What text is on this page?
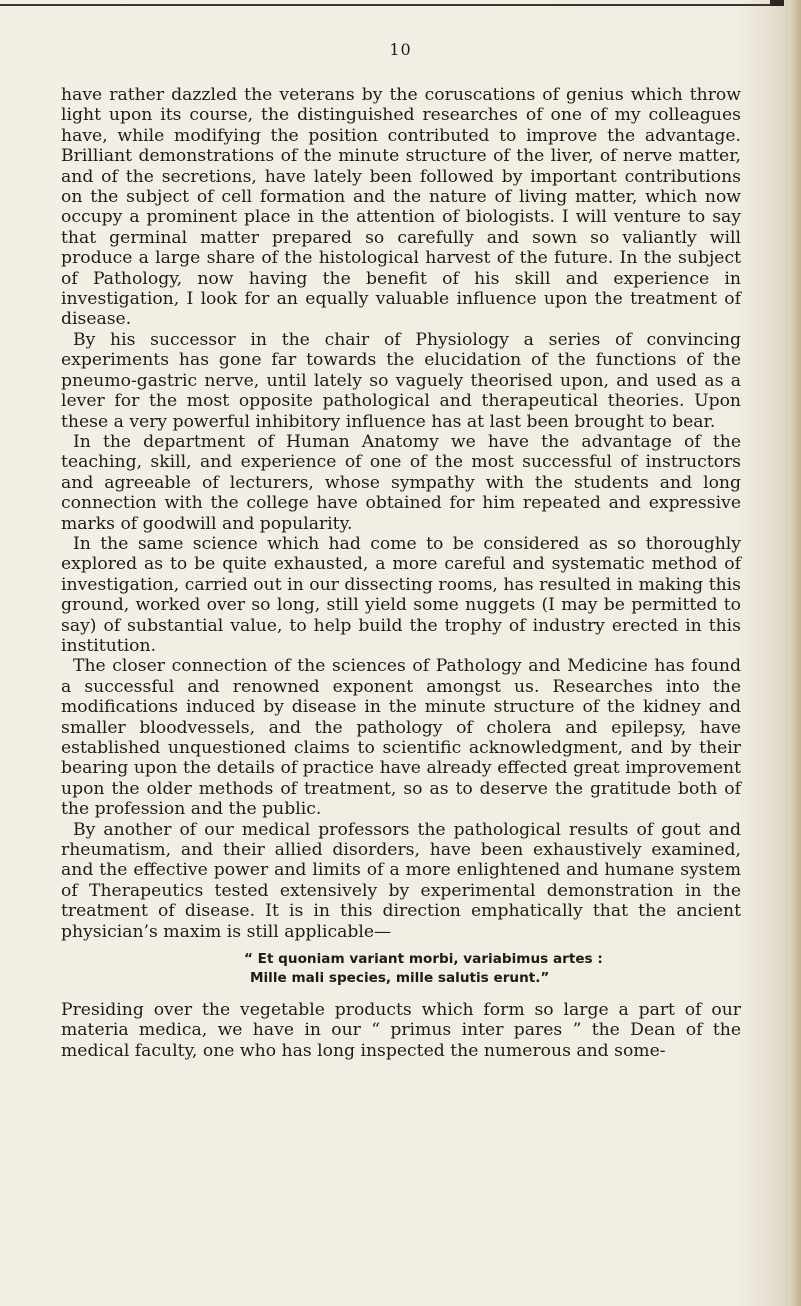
10

have rather dazzled the veterans by the coruscations of genius which throw light upon its course, the distinguished researches of one of my colleagues have, while modifying the position contributed to improve the advantage. Brilliant demonstrations of the minute structure of the liver, of nerve matter, and of the secretions, have lately been followed by important contributions on the subject of cell formation and the nature of living matter, which now occupy a prominent place in the attention of biologists. I will venture to say that germinal matter prepared so carefully and sown so valiantly will produce a large share of the histological harvest of the future. In the subject of Pathology, now having the benefit of his skill and experience in investigation, I look for an equally valuable influence upon the treatment of disease.

By his successor in the chair of Physiology a series of convincing experiments has gone far towards the elucidation of the functions of the pneumo-gastric nerve, until lately so vaguely theorised upon, and used as a lever for the most opposite pathological and therapeutical theories. Upon these a very powerful inhibitory influence has at last been brought to bear.

In the department of Human Anatomy we have the advantage of the teaching, skill, and experience of one of the most successful of instructors and agreeable of lecturers, whose sympathy with the students and long connection with the college have obtained for him repeated and expressive marks of goodwill and popularity.

In the same science which had come to be considered as so thoroughly explored as to be quite exhausted, a more careful and systematic method of investigation, carried out in our dissecting rooms, has resulted in making this ground, worked over so long, still yield some nuggets (I may be permitted to say) of substantial value, to help build the trophy of industry erected in this institution.

The closer connection of the sciences of Pathology and Medicine has found a successful and renowned exponent amongst us. Researches into the modifications induced by disease in the minute structure of the kidney and smaller bloodvessels, and the pathology of cholera and epilepsy, have established unquestioned claims to scientific acknowledgment, and by their bearing upon the details of practice have already effected great improvement upon the older methods of treatment, so as to deserve the gratitude both of the profession and the public.

By another of our medical professors the pathological results of gout and rheumatism, and their allied disorders, have been exhaustively examined, and the effective power and limits of a more enlightened and humane system of Therapeutics tested extensively by experimental demonstration in the treatment of disease. It is in this direction emphatically that the ancient physician’s maxim is still applicable—

“ Et quoniam variant morbi, variabimus artes :
Mille mali species, mille salutis erunt.”

Presiding over the vegetable products which form so large a part of our materia medica, we have in our “ primus inter pares ” the Dean of the medical faculty, one who has long inspected the numerous and some-
